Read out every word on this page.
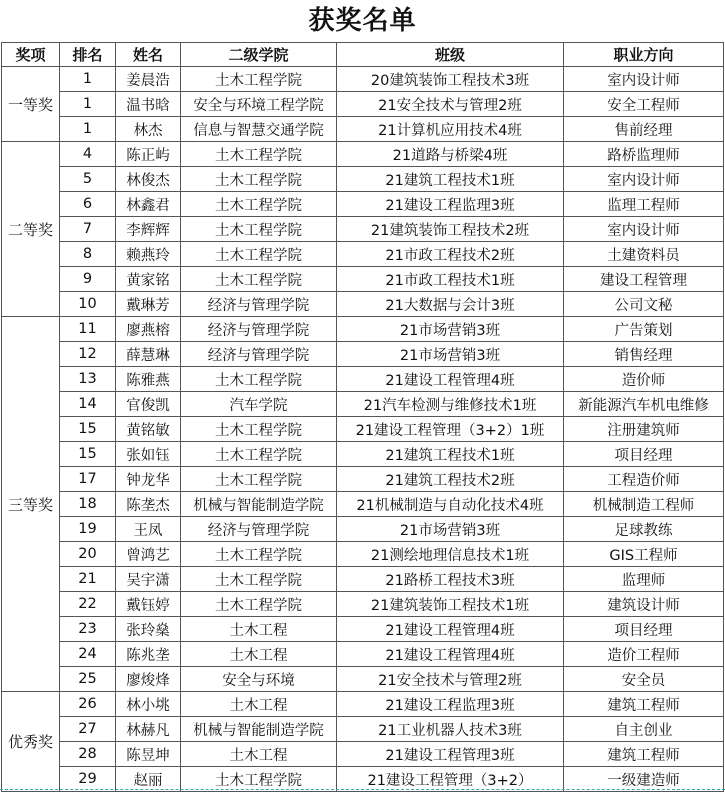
获奖名单
奖项	排名	姓名	二级学院	班级	职业方向
一等奖	1	姜晨浩	土木工程学院	20建筑装饰工程技术3班	室内设计师
	1	温书晗	安全与环境工程学院	21安全技术与管理2班	安全工程师
	1	林杰	信息与智慧交通学院	21计算机应用技术4班	售前经理
二等奖	4	陈正屿	土木工程学院	21道路与桥梁4班	路桥监理师
	5	林俊杰	土木工程学院	21建筑工程技术1班	室内设计师
	6	林鑫君	土木工程学院	21建设工程监理3班	监理工程师
	7	李辉辉	土木工程学院	21建筑装饰工程技术2班	室内设计师
	8	赖燕玲	土木工程学院	21市政工程技术2班	土建资料员
	9	黄家铭	土木工程学院	21市政工程技术1班	建设工程管理
	10	戴琳芳	经济与管理学院	21大数据与会计3班	公司文秘
三等奖	11	廖燕榕	经济与管理学院	21市场营销3班	广告策划
	12	薛慧琳	经济与管理学院	21市场营销3班	销售经理
	13	陈雅燕	土木工程学院	21建设工程管理4班	造价师
	14	官俊凯	汽车学院	21汽车检测与维修技术1班	新能源汽车机电维修
	15	黄铭敏	土木工程学院	21建设工程管理（3+2）1班	注册建筑师
	15	张如钰	土木工程学院	21建筑工程技术1班	项目经理
	17	钟龙华	土木工程学院	21建筑工程技术2班	工程造价师
	18	陈垄杰	机械与智能制造学院	21机械制造与自动化技术4班	机械制造工程师
	19	王凤	经济与管理学院	21市场营销3班	足球教练
	20	曾鸿艺	土木工程学院	21测绘地理信息技术1班	GIS工程师
	21	吴宇潇	土木工程学院	21路桥工程技术3班	监理师
	22	戴钰婷	土木工程学院	21建筑装饰工程技术1班	建筑设计师
	23	张玲燊	土木工程	21建设工程管理4班	项目经理
	24	陈兆垄	土木工程	21建设工程管理4班	造价工程师
	25	廖焌烽	安全与环境	21安全技术与管理2班	安全员
优秀奖	26	林小垗	土木工程	21建设工程监理3班	建筑工程师
	27	林赫凡	机械与智能制造学院	21工业机器人技术3班	自主创业
	28	陈昱坤	土木工程	21建设工程管理3班	建筑工程师
	29	赵丽	土木工程学院	21建设工程管理（3+2）	一级建造师
